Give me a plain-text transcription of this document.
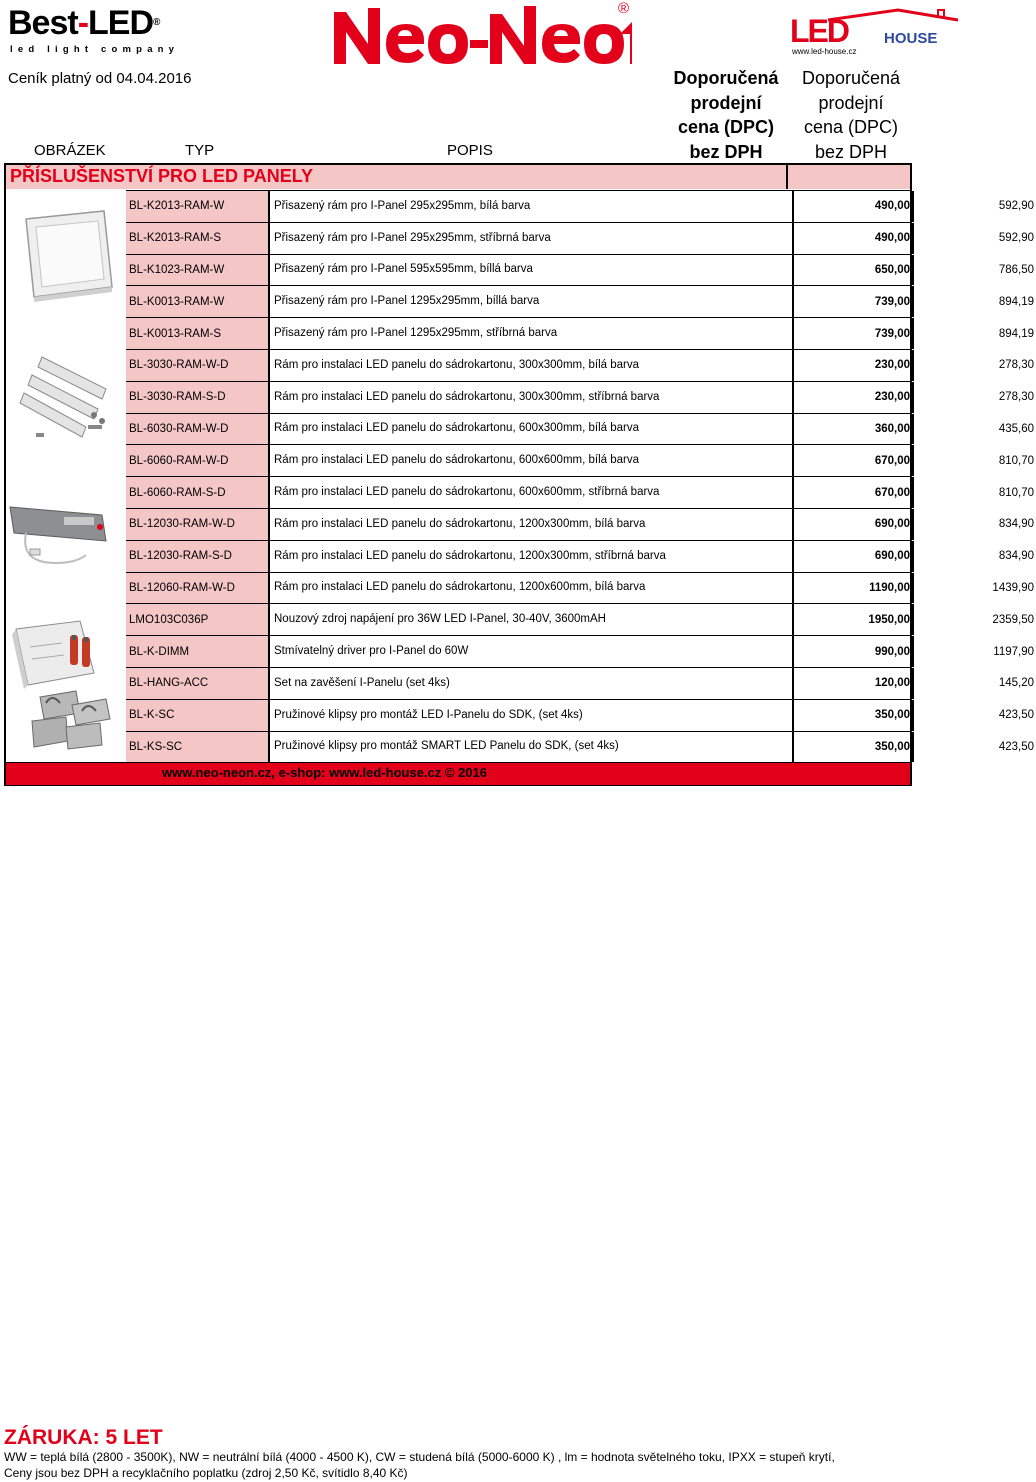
Best-LED®
led light company
®
LED HOUSE
www.led-house.cz
Ceník platný od 04.04.2016	Doporučená
prodejní
cena (DPC)
bez DPH
Doporučená
prodejní
cena (DPC)
bez DPH
OBRÁZEK	TYP	POPIS
PŘÍSLUŠENSTVÍ PRO LED PANELY
BL-K2013-RAM-W	Přisazený rám pro I-Panel 295x295mm, bílá barva	490,00	592,90
BL-K2013-RAM-S	Přisazený rám pro I-Panel 295x295mm, stříbrná barva	490,00	592,90
BL-K1023-RAM-W	Přisazený rám pro I-Panel 595x595mm, bíllá barva	650,00	786,50
BL-K0013-RAM-W	Přisazený rám pro I-Panel 1295x295mm, bíllá barva	739,00	894,19
BL-K0013-RAM-S	Přisazený rám pro I-Panel 1295x295mm, stříbrná barva	739,00	894,19
BL-3030-RAM-W-D	Rám pro instalaci LED panelu do sádrokartonu, 300x300mm, bílá barva	230,00	278,30
BL-3030-RAM-S-D	Rám pro instalaci LED panelu do sádrokartonu, 300x300mm, stříbrná barva	230,00	278,30
BL-6030-RAM-W-D	Rám pro instalaci LED panelu do sádrokartonu, 600x300mm, bílá barva	360,00	435,60
BL-6060-RAM-W-D	Rám pro instalaci LED panelu do sádrokartonu, 600x600mm, bílá barva	670,00	810,70
BL-6060-RAM-S-D	Rám pro instalaci LED panelu do sádrokartonu, 600x600mm, stříbrná barva	670,00	810,70
BL-12030-RAM-W-D	Rám pro instalaci LED panelu do sádrokartonu, 1200x300mm, bílá barva	690,00	834,90
BL-12030-RAM-S-D	Rám pro instalaci LED panelu do sádrokartonu, 1200x300mm, stříbrná barva	690,00	834,90
BL-12060-RAM-W-D	Rám pro instalaci LED panelu do sádrokartonu, 1200x600mm, bílá barva	1190,00	1439,90
LMO103C036P	Nouzový zdroj napájení pro 36W LED I-Panel, 30-40V, 3600mAH	1950,00	2359,50
BL-K-DIMM	Stmívatelný driver pro I-Panel do 60W	990,00	1197,90
BL-HANG-ACC	Set na zavěšení I-Panelu (set 4ks)	120,00	145,20
BL-K-SC	Pružinové klipsy pro montáž LED I-Panelu do SDK, (set 4ks)	350,00	423,50
BL-KS-SC	Pružinové klipsy pro montáž SMART LED Panelu do SDK, (set 4ks)	350,00	423,50
www.neo-neon.cz, e-shop: www.led-house.cz © 2016
ZÁRUKA: 5 LET
WW = teplá bílá (2800 - 3500K), NW = neutrální bílá (4000 - 4500 K), CW = studená bílá (5000-6000 K) , lm = hodnota světelného toku, IPXX = stupeň krytí,
Ceny jsou bez DPH a recyklačního poplatku (zdroj 2,50 Kč, svítidlo 8,40 Kč)
